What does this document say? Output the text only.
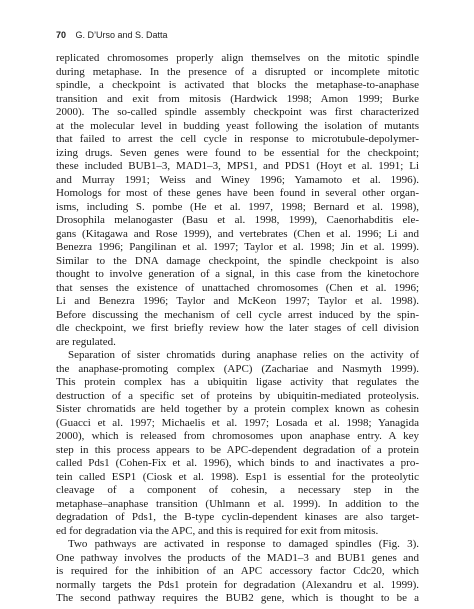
70 G. D’Urso and S. Datta
replicated chromosomes properly align themselves on the mitotic spindle
during metaphase. In the presence of a disrupted or incomplete mitotic
spindle, a checkpoint is activated that blocks the metaphase-to-anaphase
transition and exit from mitosis (Hardwick 1998; Amon 1999; Burke
2000). The so-called spindle assembly checkpoint was first characterized
at the molecular level in budding yeast following the isolation of mutants
that failed to arrest the cell cycle in response to microtubule-depolymer-
izing drugs. Seven genes were found to be essential for the checkpoint;
these included BUB1–3, MAD1–3, MPS1, and PDS1 (Hoyt et al. 1991; Li
and Murray 1991; Weiss and Winey 1996; Yamamoto et al. 1996).
Homologs for most of these genes have been found in several other organ-
isms, including S. pombe (He et al. 1997, 1998; Bernard et al. 1998),
Drosophila melanogaster (Basu et al. 1998, 1999), Caenorhabditis ele-
gans (Kitagawa and Rose 1999), and vertebrates (Chen et al. 1996; Li and
Benezra 1996; Pangilinan et al. 1997; Taylor et al. 1998; Jin et al. 1999).
Similar to the DNA damage checkpoint, the spindle checkpoint is also
thought to involve generation of a signal, in this case from the kinetochore
that senses the existence of unattached chromosomes (Chen et al. 1996;
Li and Benezra 1996; Taylor and McKeon 1997; Taylor et al. 1998).
Before discussing the mechanism of cell cycle arrest induced by the spin-
dle checkpoint, we first briefly review how the later stages of cell division
are regulated.
Separation of sister chromatids during anaphase relies on the activity of
the anaphase-promoting complex (APC) (Zachariae and Nasmyth 1999).
This protein complex has a ubiquitin ligase activity that regulates the
destruction of a specific set of proteins by ubiquitin-mediated proteolysis.
Sister chromatids are held together by a protein complex known as cohesin
(Guacci et al. 1997; Michaelis et al. 1997; Losada et al. 1998; Yanagida
2000), which is released from chromosomes upon anaphase entry. A key
step in this process appears to be APC-dependent degradation of a protein
called Pds1 (Cohen-Fix et al. 1996), which binds to and inactivates a pro-
tein called ESP1 (Ciosk et al. 1998). Esp1 is essential for the proteolytic
cleavage of a component of cohesin, a necessary step in the
metaphase–anaphase transition (Uhlmann et al. 1999). In addition to the
degradation of Pds1, the B-type cyclin-dependent kinases are also target-
ed for degradation via the APC, and this is required for exit from mitosis.
Two pathways are activated in response to damaged spindles (Fig. 3).
One pathway involves the products of the MAD1–3 and BUB1 genes and
is required for the inhibition of an APC accessory factor Cdc20, which
normally targets the Pds1 protein for degradation (Alexandru et al. 1999).
The second pathway requires the BUB2 gene, which is thought to be a
